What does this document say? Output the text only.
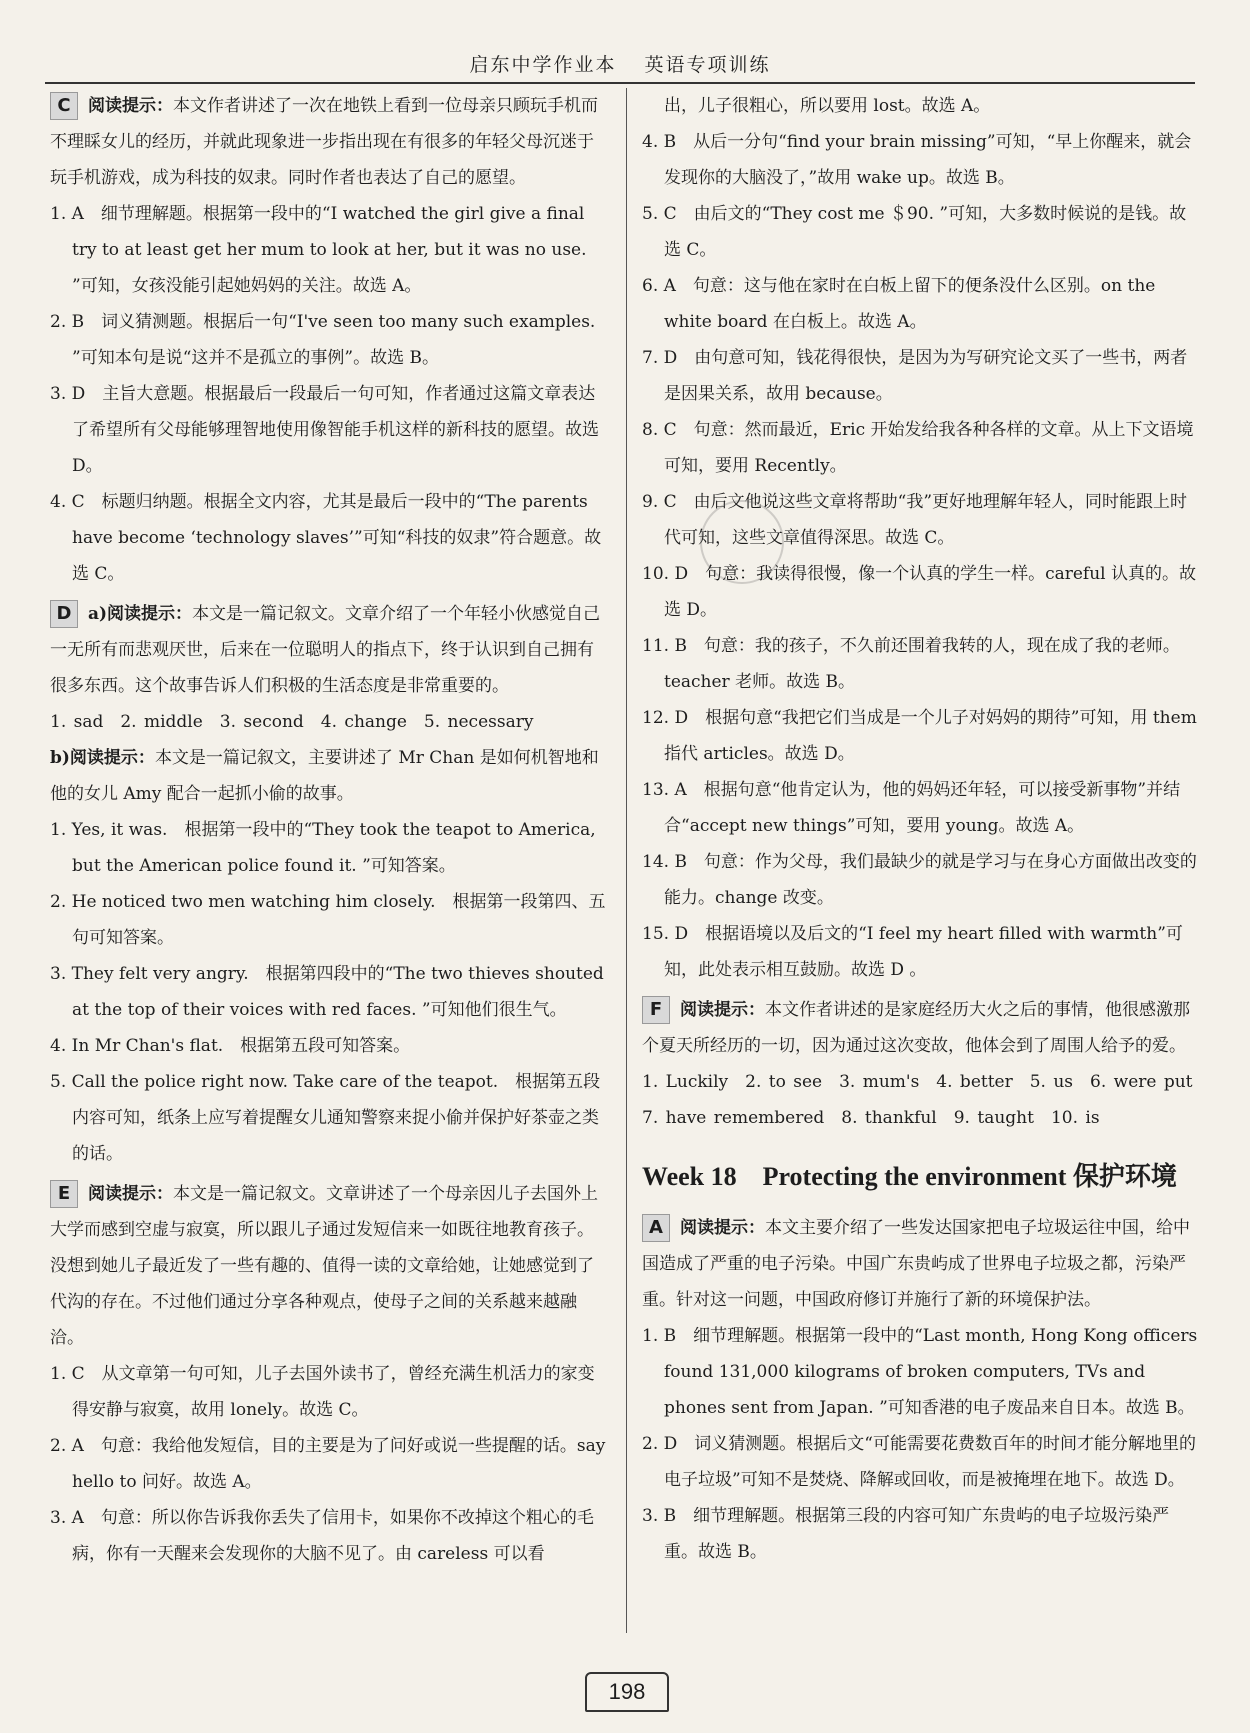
启东中学作业本 英语专项训练

C 阅读提示：本文作者讲述了一次在地铁上看到一位母亲只顾玩手机而不理睬女儿的经历，并就此现象进一步指出现在有很多的年轻父母沉迷于玩手机游戏，成为科技的奴隶。同时作者也表达了自己的愿望。

1. A　细节理解题。根据第一段中的“I watched the girl give a final try to at least get her mum to look at her, but it was no use. ”可知，女孩没能引起她妈妈的关注。故选 A。

2. B　词义猜测题。根据后一句“I've seen too many such examples. ”可知本句是说“这并不是孤立的事例”。故选 B。

3. D　主旨大意题。根据最后一段最后一句可知，作者通过这篇文章表达了希望所有父母能够理智地使用像智能手机这样的新科技的愿望。故选 D。

4. C　标题归纳题。根据全文内容，尤其是最后一段中的“The parents have become ‘technology slaves’”可知“科技的奴隶”符合题意。故选 C。

D a)阅读提示：本文是一篇记叙文。文章介绍了一个年轻小伙感觉自己一无所有而悲观厌世，后来在一位聪明人的指点下，终于认识到自己拥有很多东西。这个故事告诉人们积极的生活态度是非常重要的。

1. sad　2. middle　3. second　4. change　5. necessary

b)阅读提示：本文是一篇记叙文，主要讲述了 Mr Chan 是如何机智地和他的女儿 Amy 配合一起抓小偷的故事。

1. Yes, it was.　根据第一段中的“They took the teapot to America, but the American police found it. ”可知答案。

2. He noticed two men watching him closely.　根据第一段第四、五句可知答案。

3. They felt very angry.　根据第四段中的“The two thieves shouted at the top of their voices with red faces. ”可知他们很生气。

4. In Mr Chan's flat.　根据第五段可知答案。

5. Call the police right now. Take care of the teapot.　根据第五段内容可知，纸条上应写着提醒女儿通知警察来捉小偷并保护好茶壶之类的话。

E 阅读提示：本文是一篇记叙文。文章讲述了一个母亲因儿子去国外上大学而感到空虚与寂寞，所以跟儿子通过发短信来一如既往地教育孩子。没想到她儿子最近发了一些有趣的、值得一读的文章给她，让她感觉到了代沟的存在。不过他们通过分享各种观点，使母子之间的关系越来越融洽。

1. C　从文章第一句可知，儿子去国外读书了，曾经充满生机活力的家变得安静与寂寞，故用 lonely。故选 C。

2. A　句意：我给他发短信，目的主要是为了问好或说一些提醒的话。say hello to 问好。故选 A。

3. A　句意：所以你告诉我你丢失了信用卡，如果你不改掉这个粗心的毛病，你有一天醒来会发现你的大脑不见了。由 careless 可以看

出，儿子很粗心，所以要用 lost。故选 A。

4. B　从后一分句“find your brain missing”可知，“早上你醒来，就会发现你的大脑没了，”故用 wake up。故选 B。

5. C　由后文的“They cost me ＄90. ”可知，大多数时候说的是钱。故选 C。

6. A　句意：这与他在家时在白板上留下的便条没什么区别。on the white board 在白板上。故选 A。

7. D　由句意可知，钱花得很快，是因为为写研究论文买了一些书，两者是因果关系，故用 because。

8. C　句意：然而最近，Eric 开始发给我各种各样的文章。从上下文语境可知，要用 Recently。

9. C　由后文他说这些文章将帮助“我”更好地理解年轻人，同时能跟上时代可知，这些文章值得深思。故选 C。

10. D　句意：我读得很慢，像一个认真的学生一样。careful 认真的。故选 D。

11. B　句意：我的孩子，不久前还围着我转的人，现在成了我的老师。teacher 老师。故选 B。

12. D　根据句意“我把它们当成是一个儿子对妈妈的期待”可知，用 them 指代 articles。故选 D。

13. A　根据句意“他肯定认为，他的妈妈还年轻，可以接受新事物”并结合“accept new things”可知，要用 young。故选 A。

14. B　句意：作为父母，我们最缺少的就是学习与在身心方面做出改变的能力。change 改变。

15. D　根据语境以及后文的“I feel my heart filled with warmth”可知，此处表示相互鼓励。故选 D 。

F 阅读提示：本文作者讲述的是家庭经历大火之后的事情，他很感激那个夏天所经历的一切，因为通过这次变故，他体会到了周围人给予的爱。

1. Luckily　2. to see　3. mum's　4. better　5. us　6. were put

7. have remembered　8. thankful　9. taught　10. is

Week 18　Protecting the environment 保护环境

A 阅读提示：本文主要介绍了一些发达国家把电子垃圾运往中国，给中国造成了严重的电子污染。中国广东贵屿成了世界电子垃圾之都，污染严重。针对这一问题，中国政府修订并施行了新的环境保护法。

1. B　细节理解题。根据第一段中的“Last month, Hong Kong officers found 131,000 kilograms of broken computers, TVs and phones sent from Japan. ”可知香港的电子废品来自日本。故选 B。

2. D　词义猜测题。根据后文“可能需要花费数百年的时间才能分解地里的电子垃圾”可知不是焚烧、降解或回收，而是被掩埋在地下。故选 D。

3. B　细节理解题。根据第三段的内容可知广东贵屿的电子垃圾污染严重。故选 B。

198
